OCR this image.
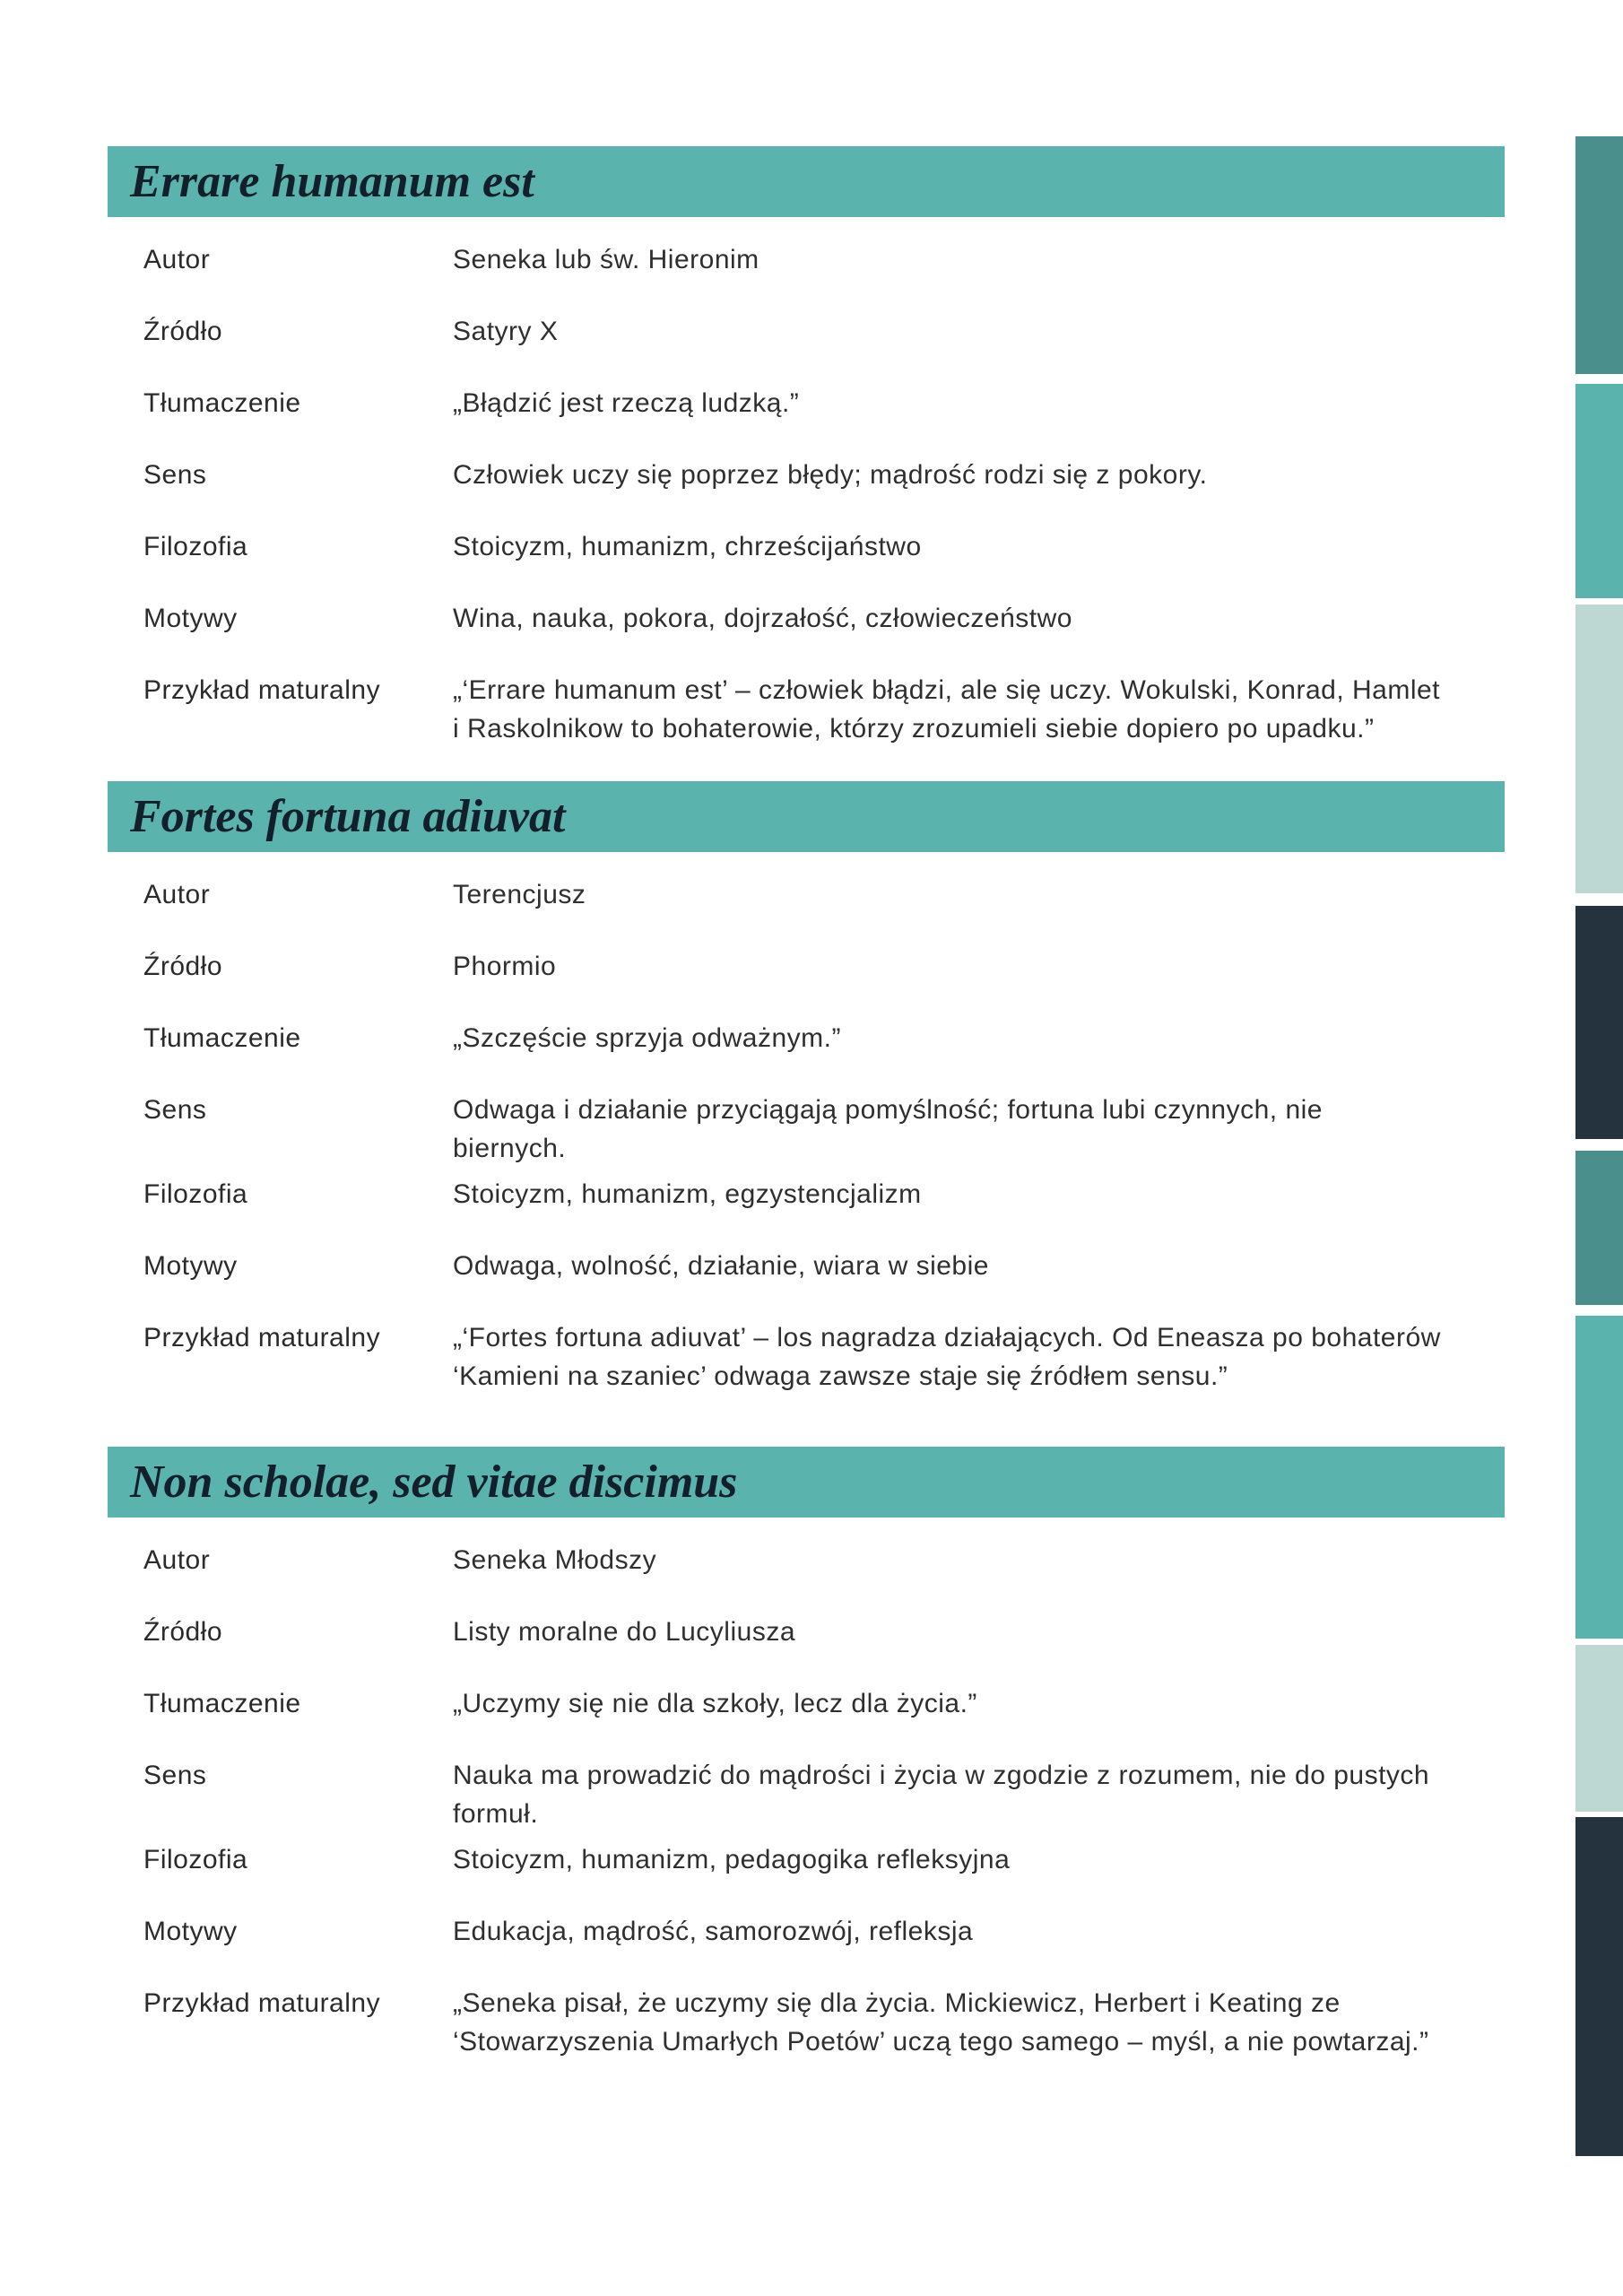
Errare humanum est
Autor	Seneka lub św. Hieronim
Źródło	Satyry X
Tłumaczenie	„Błądzić jest rzeczą ludzką.”
Sens	Człowiek uczy się poprzez błędy; mądrość rodzi się z pokory.
Filozofia	Stoicyzm, humanizm, chrześcijaństwo
Motywy	Wina, nauka, pokora, dojrzałość, człowieczeństwo
Przykład maturalny	„‘Errare humanum est’ – człowiek błądzi, ale się uczy. Wokulski, Konrad, Hamlet i Raskolnikow to bohaterowie, którzy zrozumieli siebie dopiero po upadku.”
Fortes fortuna adiuvat
Autor	Terencjusz
Źródło	Phormio
Tłumaczenie	„Szczęście sprzyja odważnym.”
Sens	Odwaga i działanie przyciągają pomyślność; fortuna lubi czynnych, nie biernych.
Filozofia	Stoicyzm, humanizm, egzystencjalizm
Motywy	Odwaga, wolność, działanie, wiara w siebie
Przykład maturalny	„‘Fortes fortuna adiuvat’ – los nagradza działających. Od Eneasza po bohaterów ‘Kamieni na szaniec’ odwaga zawsze staje się źródłem sensu.”
Non scholae, sed vitae discimus
Autor	Seneka Młodszy
Źródło	Listy moralne do Lucyliusza
Tłumaczenie	„Uczymy się nie dla szkoły, lecz dla życia.”
Sens	Nauka ma prowadzić do mądrości i życia w zgodzie z rozumem, nie do pustych formuł.
Filozofia	Stoicyzm, humanizm, pedagogika refleksyjna
Motywy	Edukacja, mądrość, samorozwój, refleksja
Przykład maturalny	„Seneka pisał, że uczymy się dla życia. Mickiewicz, Herbert i Keating ze ‘Stowarzyszenia Umarłych Poetów’ uczą tego samego – myśl, a nie powtarzaj.”
